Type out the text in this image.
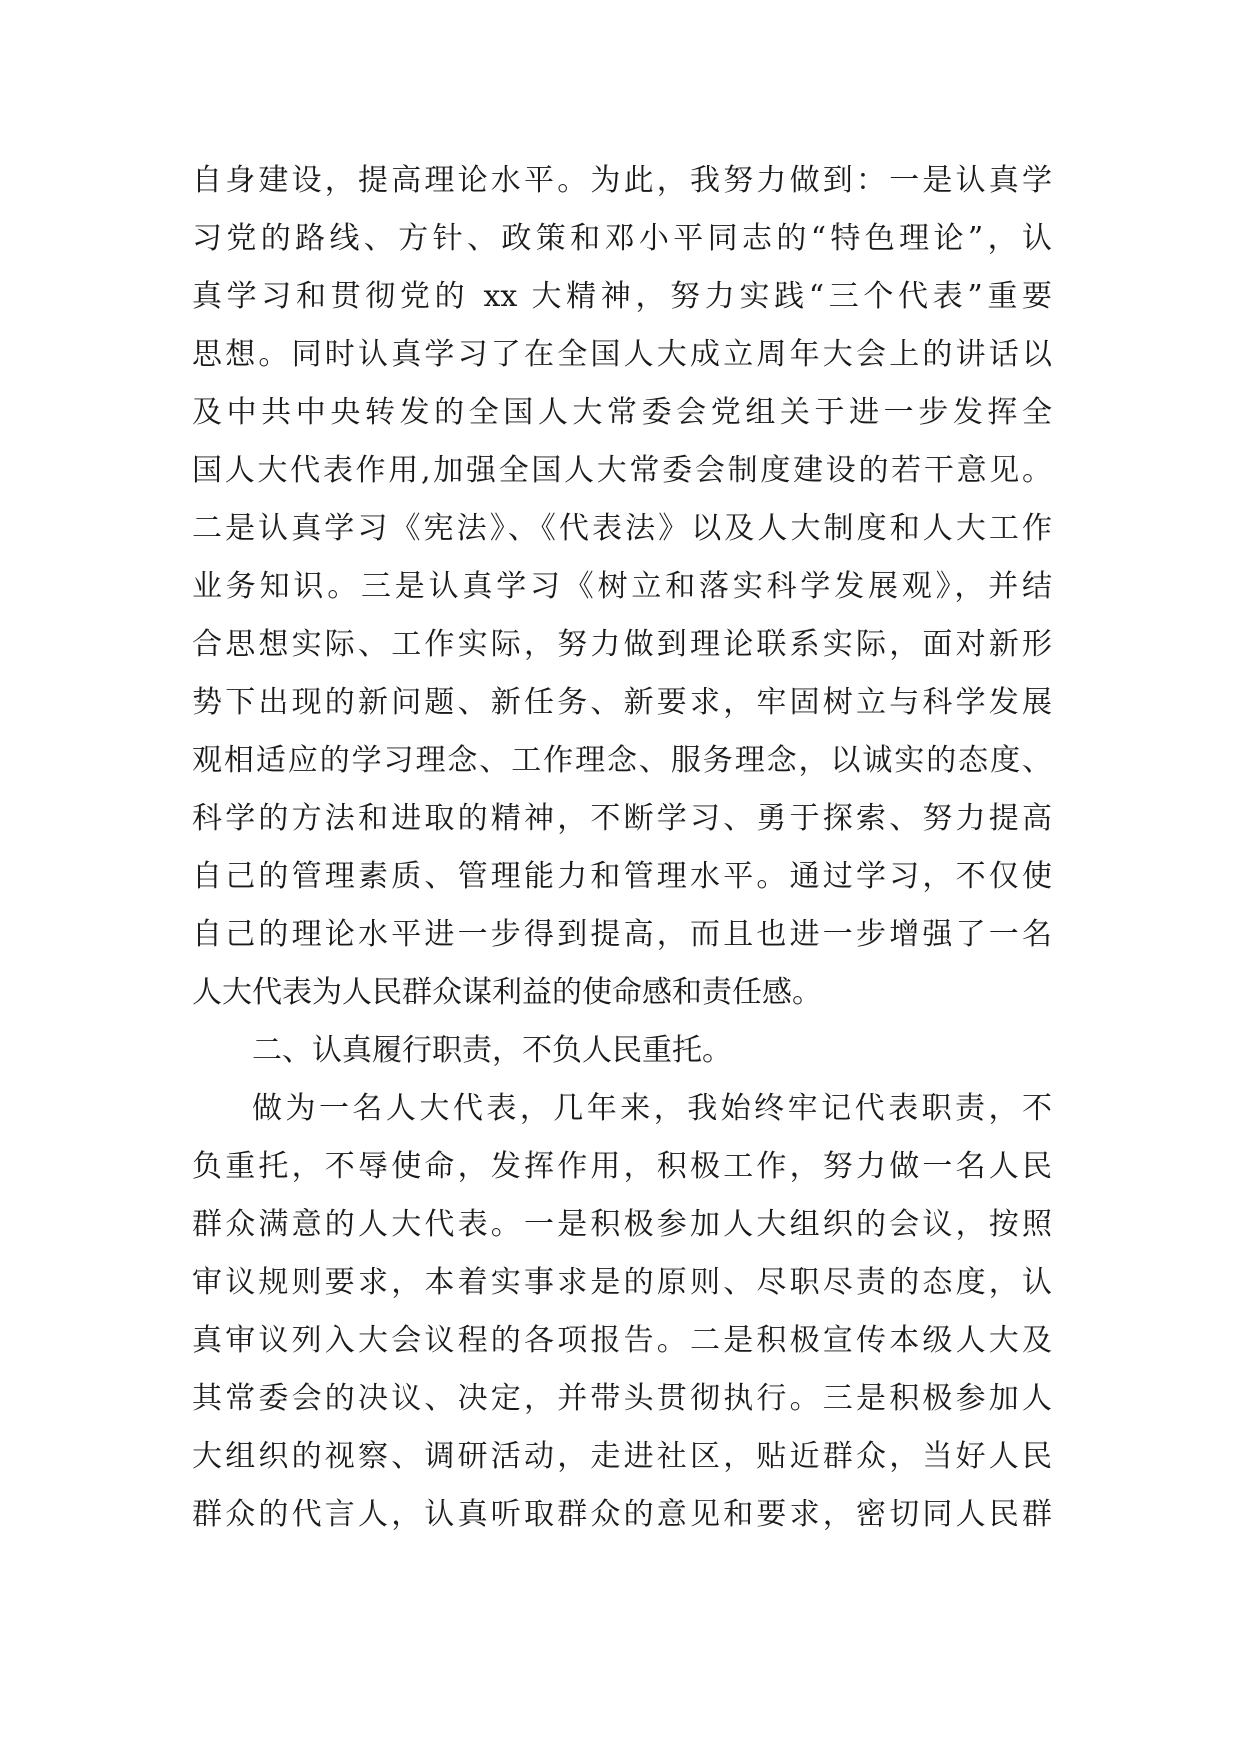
自身建设，提高理论水平。为此，我努力做到：一是认真学
习党的路线、方针、政策和邓小平同志的“特色理论”，认
真学习和贯彻党的 xx 大精神，努力实践“三个代表”重要
思想。同时认真学习了在全国人大成立周年大会上的讲话以
及中共中央转发的全国人大常委会党组关于进一步发挥全
国人大代表作用,加强全国人大常委会制度建设的若干意见。
二是认真学习《宪法》、《代表法》以及人大制度和人大工作
业务知识。三是认真学习《树立和落实科学发展观》，并结
合思想实际、工作实际，努力做到理论联系实际，面对新形
势下出现的新问题、新任务、新要求，牢固树立与科学发展
观相适应的学习理念、工作理念、服务理念，以诚实的态度、
科学的方法和进取的精神，不断学习、勇于探索、努力提高
自己的管理素质、管理能力和管理水平。通过学习，不仅使
自己的理论水平进一步得到提高，而且也进一步增强了一名
人大代表为人民群众谋利益的使命感和责任感。
二、认真履行职责，不负人民重托。
做为一名人大代表，几年来，我始终牢记代表职责，不
负重托，不辱使命，发挥作用，积极工作，努力做一名人民
群众满意的人大代表。一是积极参加人大组织的会议，按照
审议规则要求，本着实事求是的原则、尽职尽责的态度，认
真审议列入大会议程的各项报告。二是积极宣传本级人大及
其常委会的决议、决定，并带头贯彻执行。三是积极参加人
大组织的视察、调研活动，走进社区，贴近群众，当好人民
群众的代言人，认真听取群众的意见和要求，密切同人民群
